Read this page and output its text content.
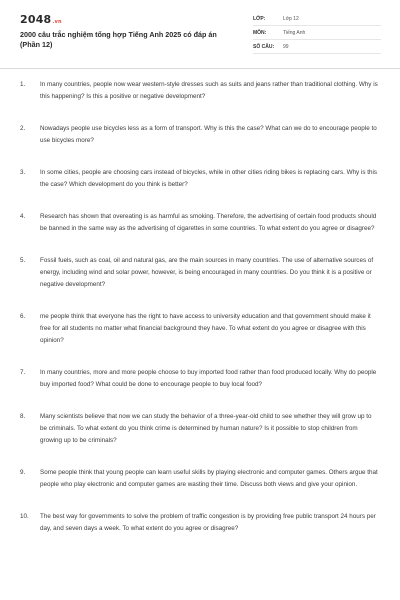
2048.vn
2000 câu trắc nghiệm tổng hợp Tiếng Anh 2025 có đáp án (Phần 12)
LỚP:	Lớp 12
MÔN:	Tiếng Anh
SỐ CÂU:	99
1. In many countries, people now wear western-style dresses such as suits and jeans rather than traditional clothing. Why is this happening? Is this a positive or negative development?
2. Nowadays people use bicycles less as a form of transport. Why is this the case? What can we do to encourage people to use bicycles more?
3. In some cities, people are choosing cars instead of bicycles, while in other cities riding bikes is replacing cars. Why is this the case? Which development do you think is better?
4. Research has shown that overeating is as harmful as smoking. Therefore, the advertising of certain food products should be banned in the same way as the advertising of cigarettes in some countries. To what extent do you agree or disagree?
5. Fossil fuels, such as coal, oil and natural gas, are the main sources in many countries. The use of alternative sources of energy, including wind and solar power, however, is being encouraged in many countries. Do you think it is a positive or negative development?
6. me people think that everyone has the right to have access to university education and that government should make it free for all students no matter what financial background they have. To what extent do you agree or disagree with this opinion?
7. In many countries, more and more people choose to buy imported food rather than food produced locally. Why do people buy imported food? What could be done to encourage people to buy local food?
8. Many scientists believe that now we can study the behavior of a three-year-old child to see whether they will grow up to be criminals. To what extent do you think crime is determined by human nature? Is it possible to stop children from growing up to be criminals?
9. Some people think that young people can learn useful skills by playing electronic and computer games. Others argue that people who play electronic and computer games are wasting their time. Discuss both views and give your opinion.
10. The best way for governments to solve the problem of traffic congestion is by providing free public transport 24 hours per day, and seven days a week. To what extent do you agree or disagree?
